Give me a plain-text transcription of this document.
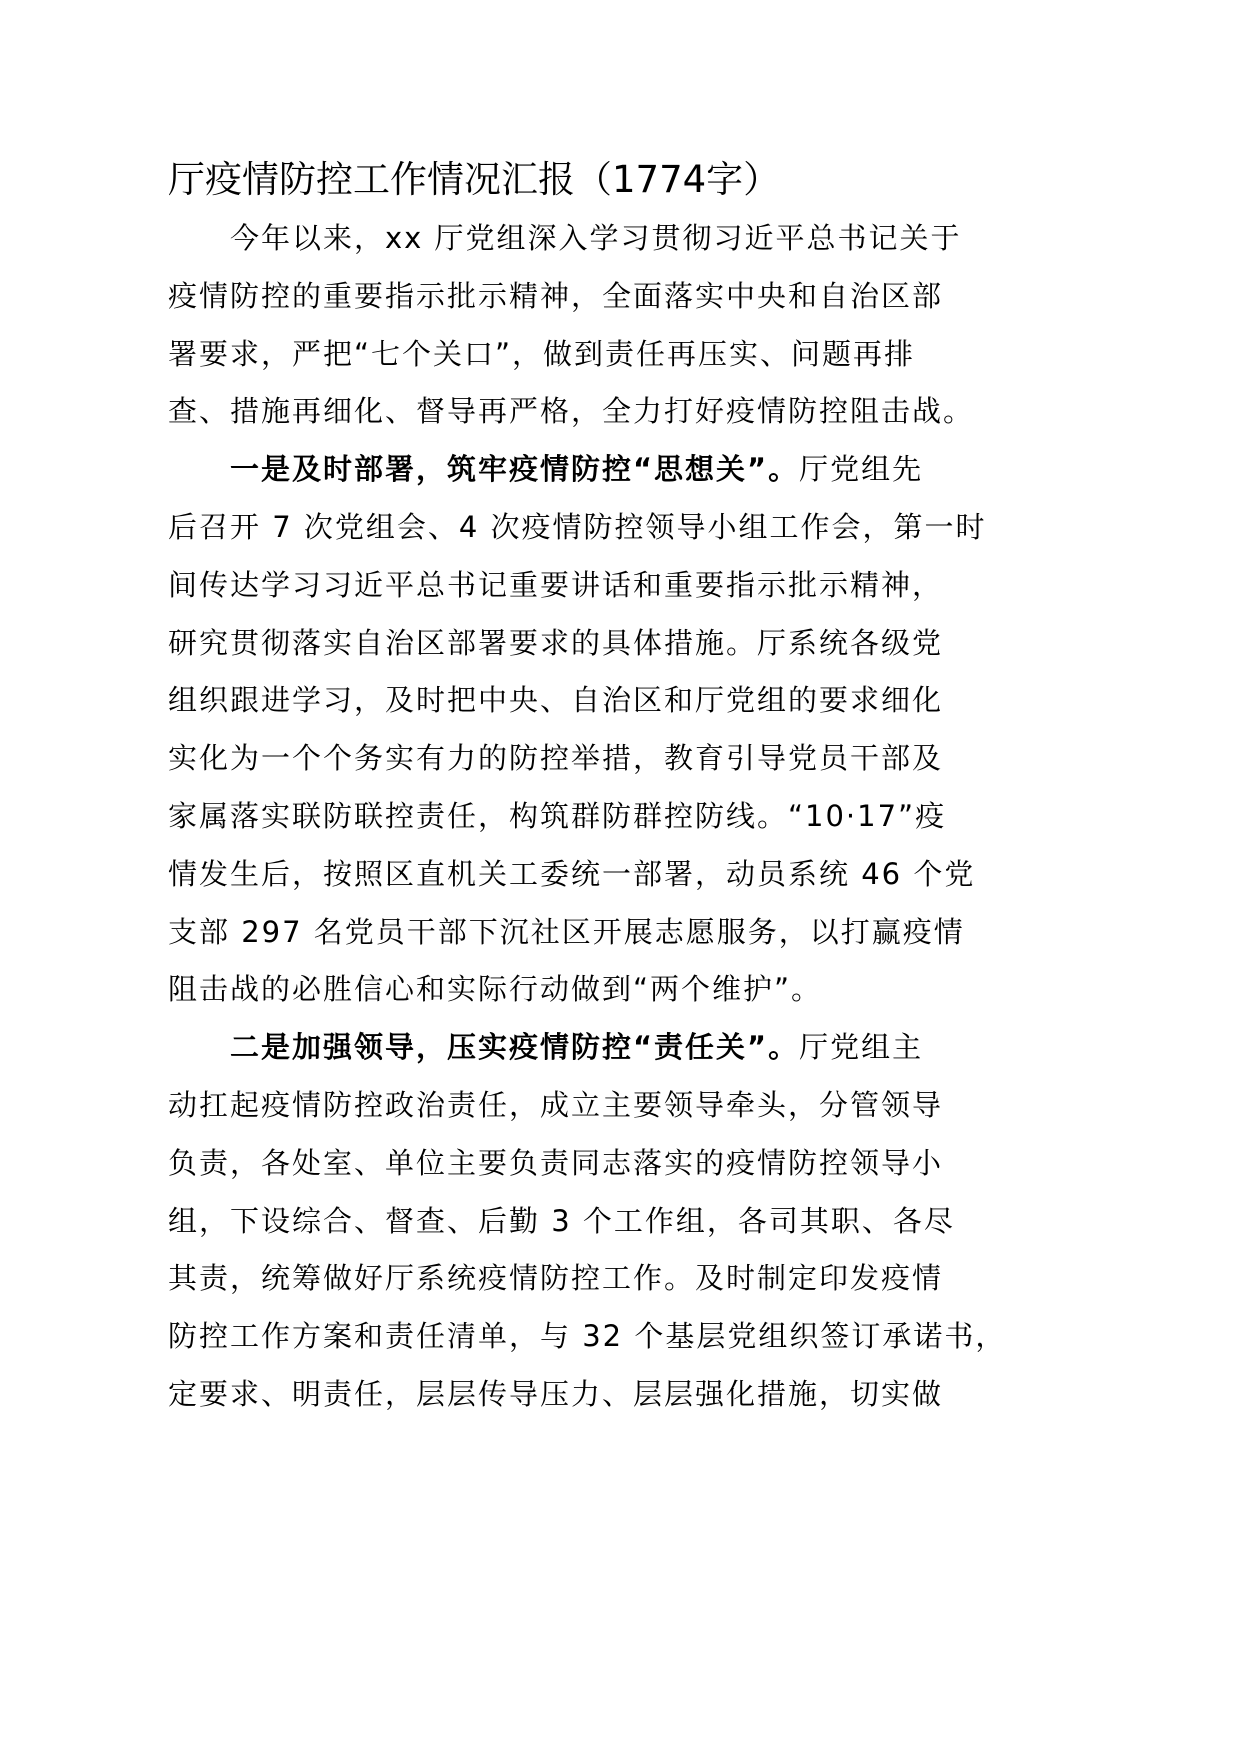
厅疫情防控工作情况汇报（1774字）
今年以来，xx 厅党组深入学习贯彻习近平总书记关于
疫情防控的重要指示批示精神，全面落实中央和自治区部
署要求，严把“七个关口”，做到责任再压实、问题再排
查、措施再细化、督导再严格，全力打好疫情防控阻击战。
一是及时部署，筑牢疫情防控“思想关”。厅党组先
后召开 7 次党组会、4 次疫情防控领导小组工作会，第一时
间传达学习习近平总书记重要讲话和重要指示批示精神，
研究贯彻落实自治区部署要求的具体措施。厅系统各级党
组织跟进学习，及时把中央、自治区和厅党组的要求细化
实化为一个个务实有力的防控举措，教育引导党员干部及
家属落实联防联控责任，构筑群防群控防线。“10·17”疫
情发生后，按照区直机关工委统一部署，动员系统 46 个党
支部 297 名党员干部下沉社区开展志愿服务，以打赢疫情
阻击战的必胜信心和实际行动做到“两个维护”。
二是加强领导，压实疫情防控“责任关”。厅党组主
动扛起疫情防控政治责任，成立主要领导牵头，分管领导
负责，各处室、单位主要负责同志落实的疫情防控领导小
组，下设综合、督查、后勤 3 个工作组，各司其职、各尽
其责，统筹做好厅系统疫情防控工作。及时制定印发疫情
防控工作方案和责任清单，与 32 个基层党组织签订承诺书，
定要求、明责任，层层传导压力、层层强化措施，切实做
